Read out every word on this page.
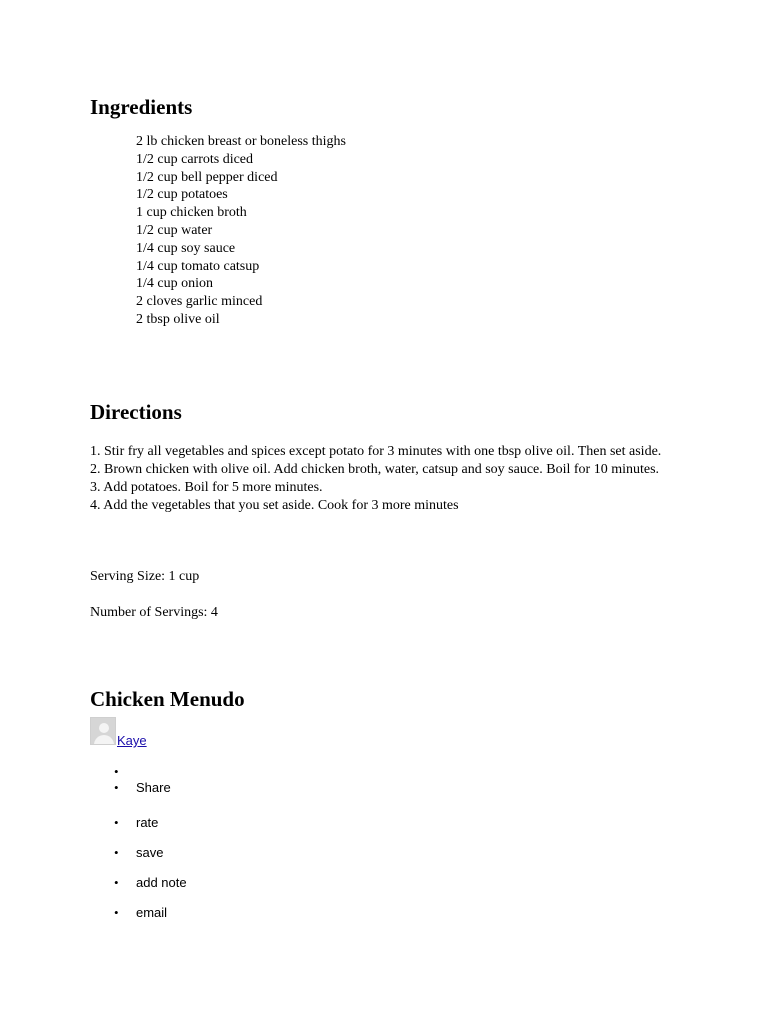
Ingredients
2 lb chicken breast or boneless thighs
1/2 cup carrots diced
1/2 cup bell pepper diced
1/2 cup potatoes
1 cup chicken broth
1/2 cup water
1/4 cup soy sauce
1/4 cup tomato catsup
1/4 cup onion
2 cloves garlic minced
2 tbsp olive oil
Directions
1. Stir fry all vegetables and spices except potato for 3 minutes with one tbsp olive oil. Then set aside.
2. Brown chicken with olive oil. Add chicken broth, water, catsup and soy sauce. Boil for 10 minutes.
3. Add potatoes. Boil for 5 more minutes.
4. Add the vegetables that you set aside. Cook for 3 more minutes
Serving Size: 1 cup
Number of Servings: 4
Chicken Menudo
Kaye
•
• Share
• rate
• save
• add note
• email
